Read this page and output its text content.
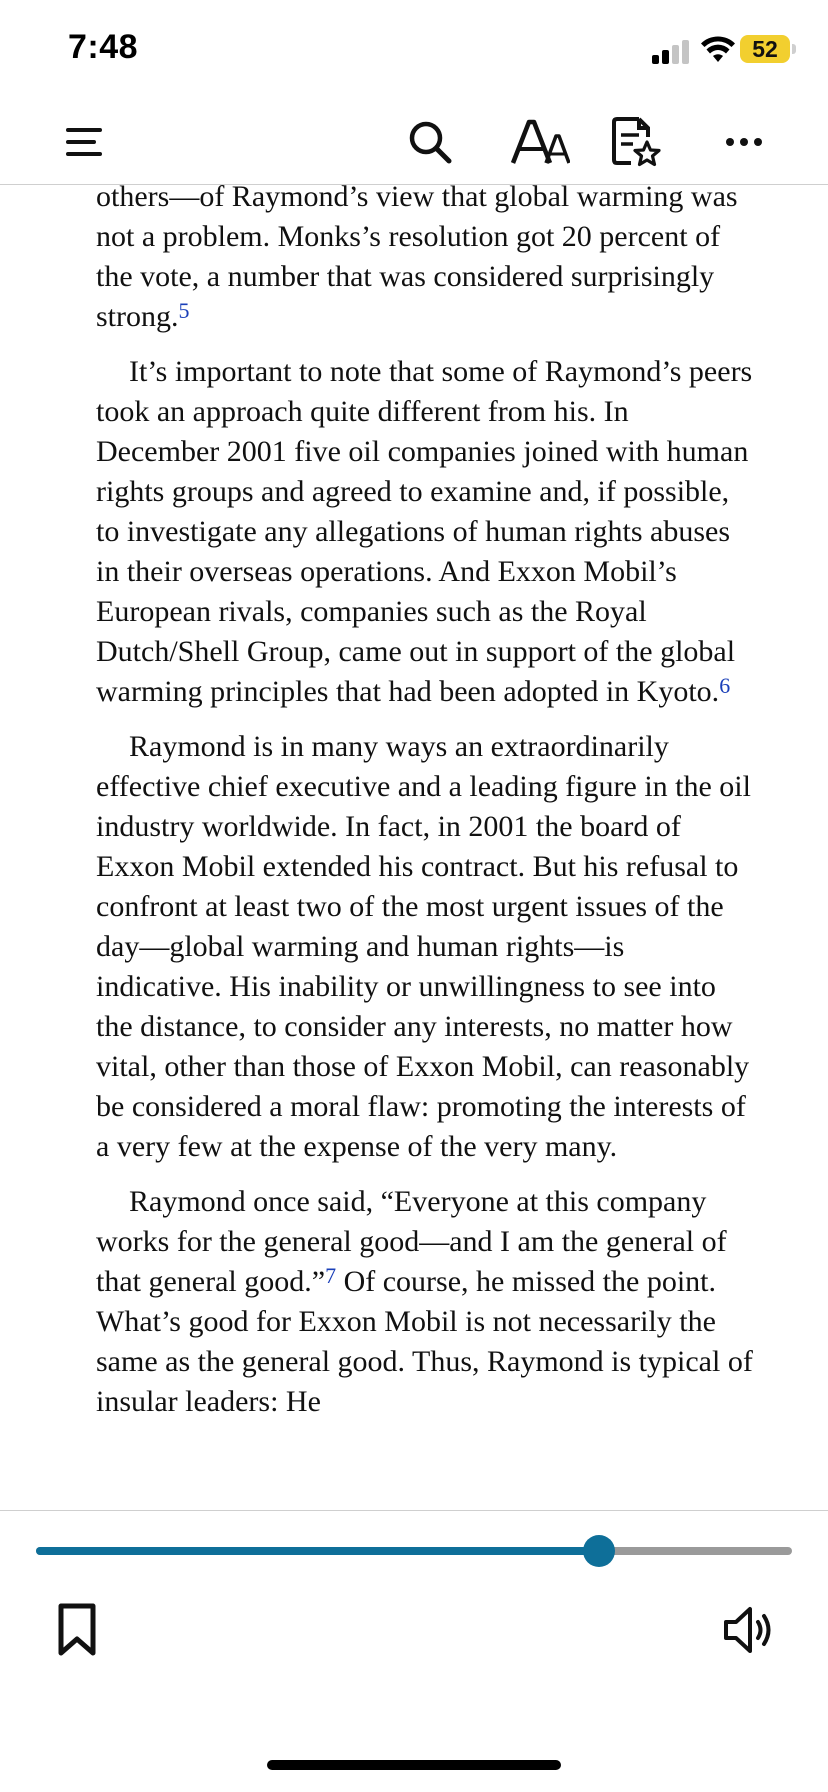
7:48	52

others—of Raymond’s view that global warming was not a problem. Monks’s resolution got 20 percent of the vote, a number that was considered surprisingly strong.$^5$

It’s important to note that some of Raymond’s peers took an approach quite different from his. In December 2001 five oil companies joined with human rights groups and agreed to examine and, if possible, to investigate any allegations of human rights abuses in their overseas operations. And Exxon Mobil’s European rivals, companies such as the Royal Dutch/Shell Group, came out in support of the global warming principles that had been adopted in Kyoto.$^6$

Raymond is in many ways an extraordinarily effective chief executive and a leading figure in the oil industry worldwide. In fact, in 2001 the board of Exxon Mobil extended his contract. But his refusal to confront at least two of the most urgent issues of the day—global warming and human rights—is indicative. His inability or unwillingness to see into the distance, to consider any interests, no matter how vital, other than those of Exxon Mobil, can reasonably be considered a moral flaw: promoting the interests of a very few at the expense of the very many.

Raymond once said, “Everyone at this company works for the general good—and I am the general of that general good.”$^7$ Of course, he missed the point. What’s good for Exxon Mobil is not necessarily the same as the general good. Thus, Raymond is typical of insular leaders: He
